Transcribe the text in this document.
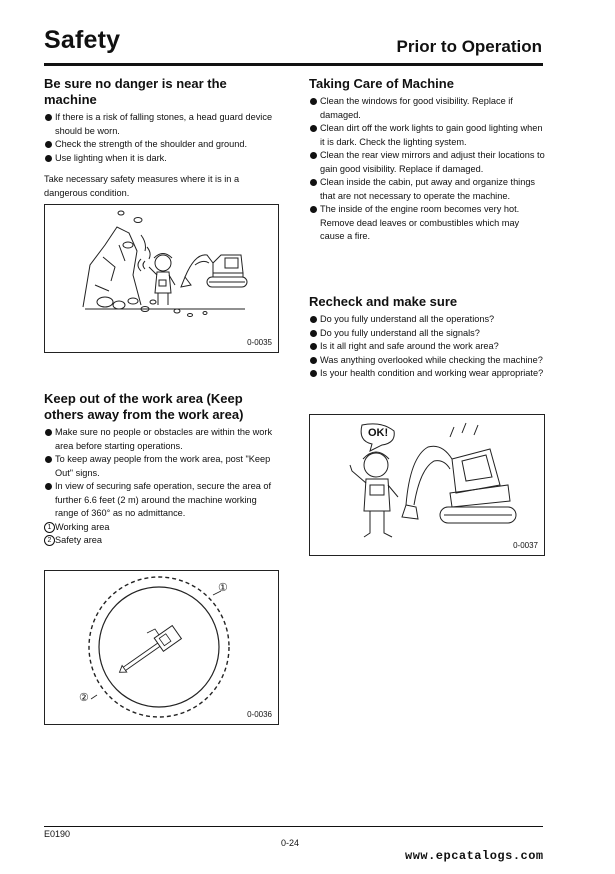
Safety	Prior to Operation
Be sure no danger is near the machine
If there is a risk of falling stones, a head guard device should be worn.
Check the strength of the shoulder and ground.
Use lighting when it is dark.
Take necessary safety measures where it is in a dangerous condition.
0-0035
Keep out of the work area (Keep others away from the work area)
Make sure no people or obstacles are within the work area before starting operations.
To keep away people from the work area, post "Keep Out" signs.
In view of securing safe operation, secure the area of further 6.6 feet (2 m) around the machine working range of 360° as no admittance.
1 Working area
2 Safety area
①
②
0-0036
Taking Care of Machine
Clean the windows for good visibility. Replace if damaged.
Clean dirt off the work lights to gain good lighting when it is dark. Check the lighting system.
Clean the rear view mirrors and adjust their locations to gain good visibility. Replace if damaged.
Clean inside the cabin, put away and organize things that are not necessary to operate the machine.
The inside of the engine room becomes very hot. Remove dead leaves or combustibles which may cause a fire.
Recheck and make sure
Do you fully understand all the operations?
Do you fully understand all the signals?
Is it all right and safe around the work area?
Was anything overlooked while checking the machine?
Is your health condition and working wear appropriate?
OK!
0-0037
E0190
0-24
www.epcatalogs.com
